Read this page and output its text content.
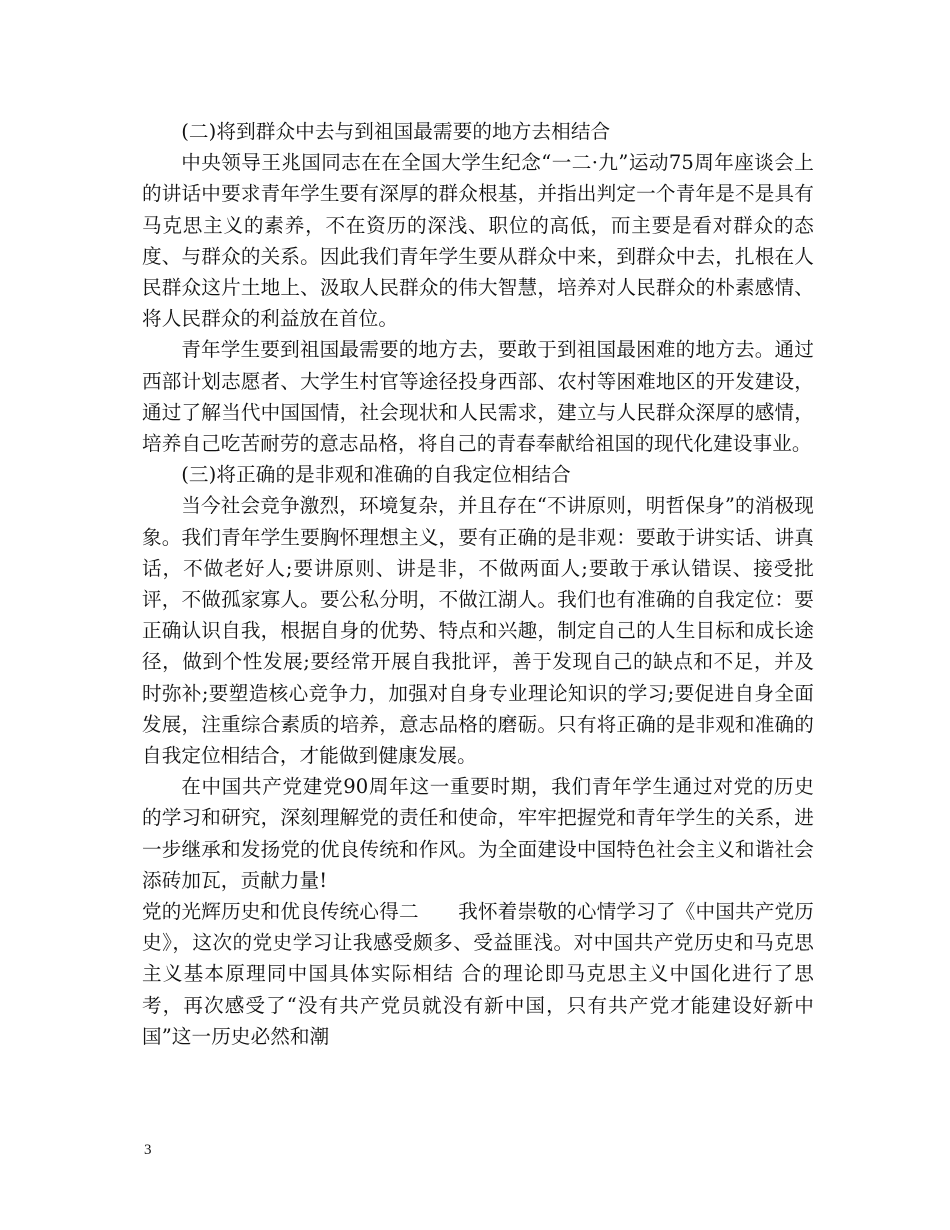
(二)将到群众中去与到祖国最需要的地方去相结合

中央领导王兆国同志在在全国大学生纪念“一二·九”运动75周年座谈会上的讲话中要求青年学生要有深厚的群众根基，并指出判定一个青年是不是具有马克思主义的素养，不在资历的深浅、职位的高低，而主要是看对群众的态度、与群众的关系。因此我们青年学生要从群众中来，到群众中去，扎根在人民群众这片土地上、汲取人民群众的伟大智慧，培养对人民群众的朴素感情、将人民群众的利益放在首位。

青年学生要到祖国最需要的地方去，要敢于到祖国最困难的地方去。通过西部计划志愿者、大学生村官等途径投身西部、农村等困难地区的开发建设，通过了解当代中国国情，社会现状和人民需求，建立与人民群众深厚的感情，培养自己吃苦耐劳的意志品格，将自己的青春奉献给祖国的现代化建设事业。

(三)将正确的是非观和准确的自我定位相结合

当今社会竞争激烈，环境复杂，并且存在“不讲原则，明哲保身”的消极现象。我们青年学生要胸怀理想主义，要有正确的是非观：要敢于讲实话、讲真话，不做老好人;要讲原则、讲是非，不做两面人;要敢于承认错误、接受批评，不做孤家寡人。要公私分明，不做江湖人。我们也有准确的自我定位：要正确认识自我，根据自身的优势、特点和兴趣，制定自己的人生目标和成长途径，做到个性发展;要经常开展自我批评，善于发现自己的缺点和不足，并及时弥补;要塑造核心竞争力，加强对自身专业理论知识的学习;要促进自身全面发展，注重综合素质的培养，意志品格的磨砺。只有将正确的是非观和准确的自我定位相结合，才能做到健康发展。

在中国共产党建党90周年这一重要时期，我们青年学生通过对党的历史的学习和研究，深刻理解党的责任和使命，牢牢把握党和青年学生的关系，进一步继承和发扬党的优良传统和作风。为全面建设中国特色社会主义和谐社会添砖加瓦，贡献力量!

党的光辉历史和优良传统心得二　　我怀着崇敬的心情学习了《中国共产党历史》，这次的党史学习让我感受颇多、受益匪浅。对中国共产党历史和马克思主义基本原理同中国具体实际相结 合的理论即马克思主义中国化进行了思考，再次感受了“没有共产党员就没有新中国，只有共产党才能建设好新中国”这一历史必然和潮

3
